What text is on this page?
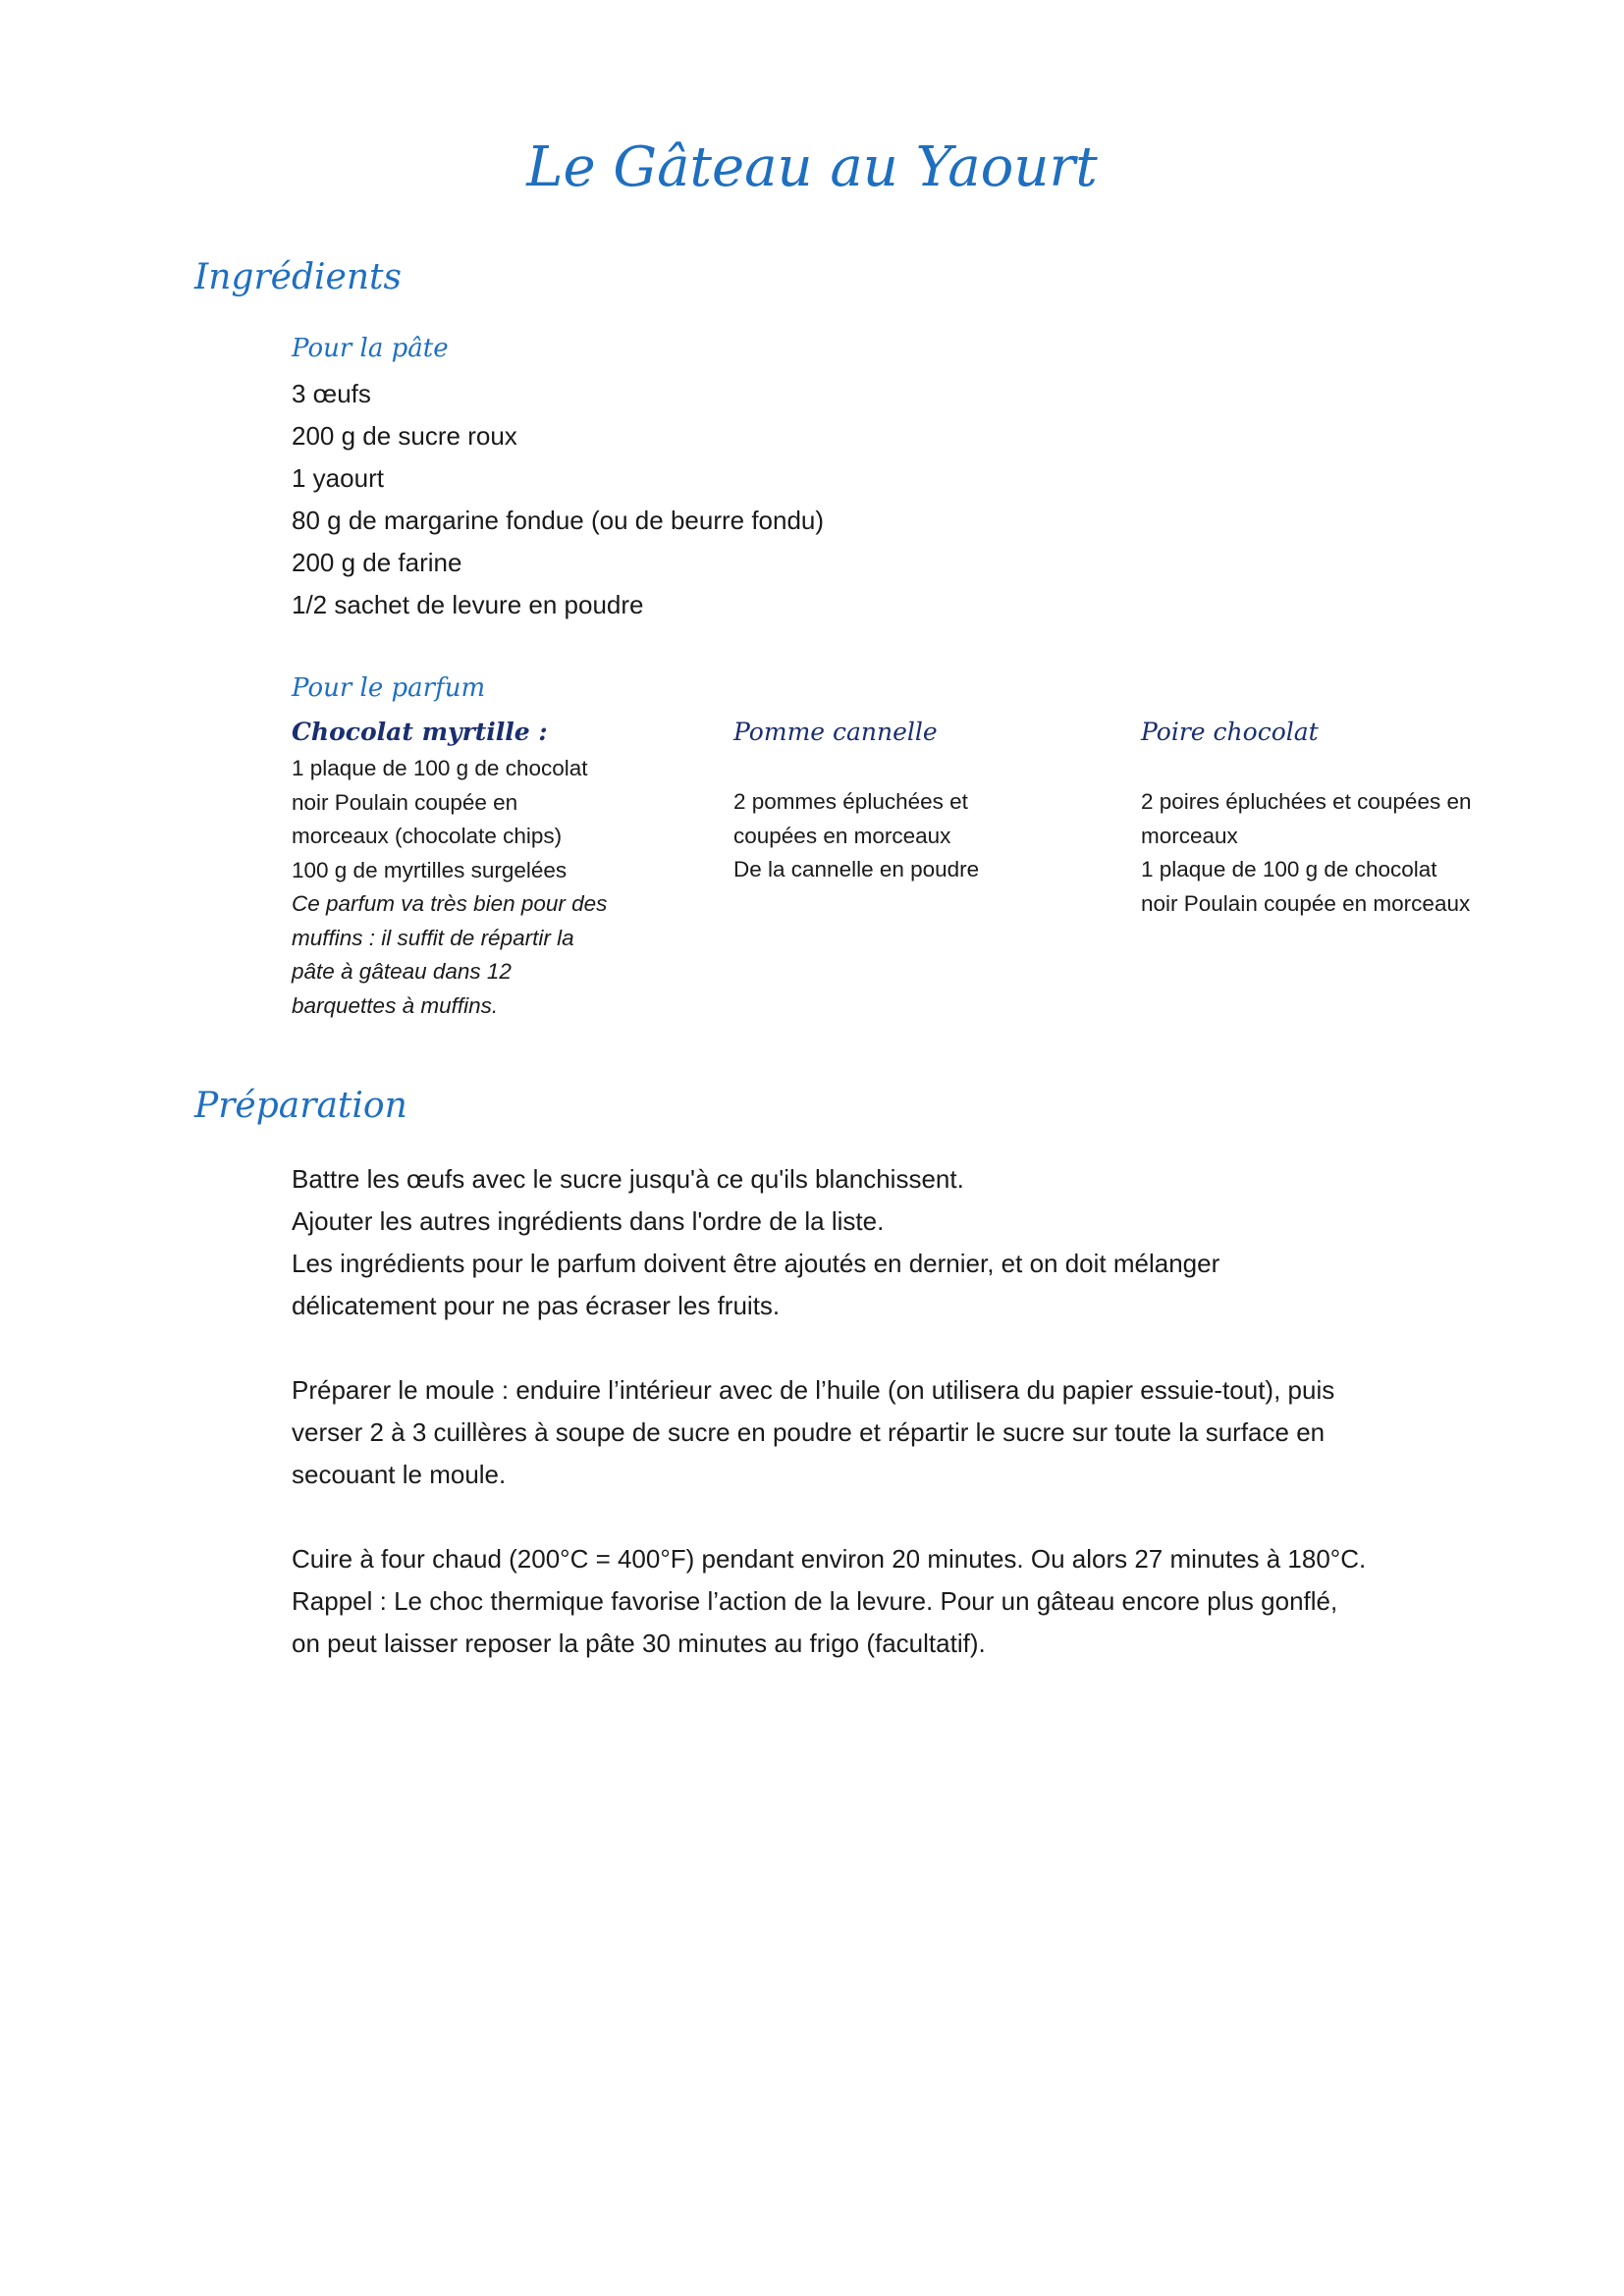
Le Gâteau au Yaourt
Ingrédients
Pour la pâte
3 œufs
200 g de sucre roux
1 yaourt
80 g de margarine fondue (ou de beurre fondu)
200 g de farine
1/2 sachet de levure en poudre
Pour le parfum
Chocolat myrtille :
1 plaque de 100 g de chocolat
noir Poulain coupée en
morceaux (chocolate chips)
100 g de myrtilles surgelées
Ce parfum va très bien pour des
muffins : il suffit de répartir la
pâte à gâteau dans 12
barquettes à muffins.
Pomme cannelle
2 pommes épluchées et
coupées en morceaux
De la cannelle en poudre
Poire chocolat
2 poires épluchées et coupées en
morceaux
1 plaque de 100 g de chocolat
noir Poulain coupée en morceaux
Préparation
Battre les œufs avec le sucre jusqu'à ce qu'ils blanchissent.
Ajouter les autres ingrédients dans l'ordre de la liste.
Les ingrédients pour le parfum doivent être ajoutés en dernier, et on doit mélanger
délicatement pour ne pas écraser les fruits.
Préparer le moule : enduire l’intérieur avec de l’huile (on utilisera du papier essuie-tout), puis
verser 2 à 3 cuillères à soupe de sucre en poudre et répartir le sucre sur toute la surface en
secouant le moule.
Cuire à four chaud (200°C = 400°F) pendant environ 20 minutes. Ou alors 27 minutes à 180°C.
Rappel : Le choc thermique favorise l’action de la levure. Pour un gâteau encore plus gonflé,
on peut laisser reposer la pâte 30 minutes au frigo (facultatif).
